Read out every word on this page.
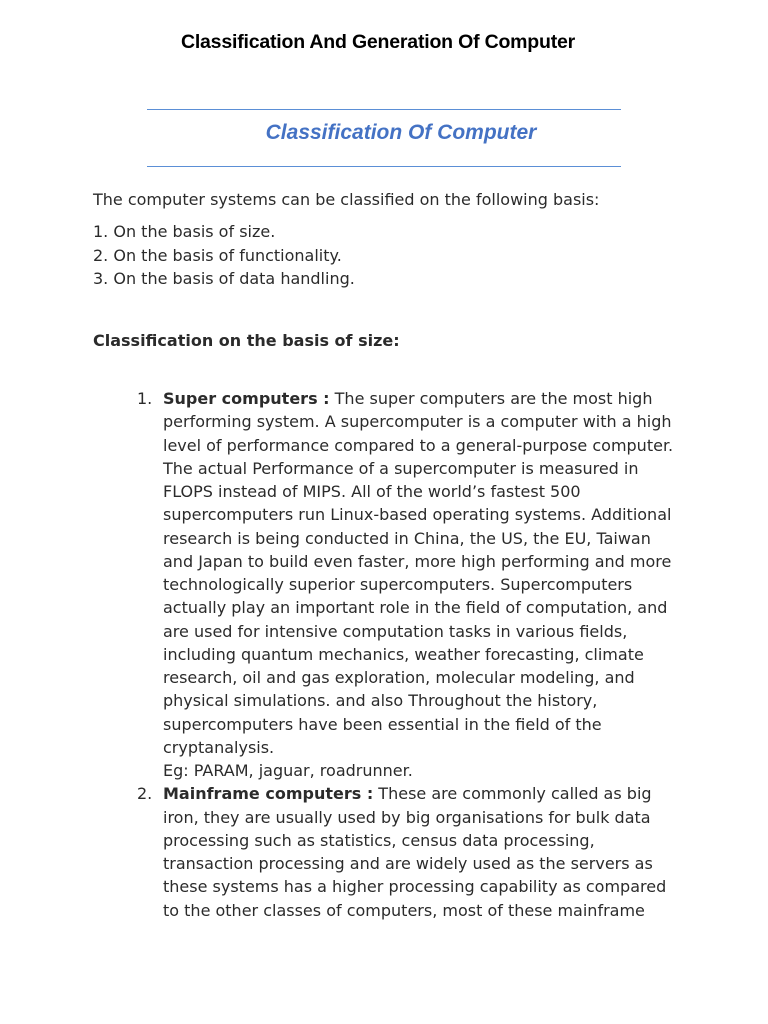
Classification And Generation Of Computer
Classification Of Computer

The computer systems can be classified on the following basis:

1. On the basis of size.
2. On the basis of functionality.
3. On the basis of data handling.

Classification on the basis of size:

1. Super computers : The super computers are the most high performing system. A supercomputer is a computer with a high level of performance compared to a general-purpose computer. The actual Performance of a supercomputer is measured in FLOPS instead of MIPS. All of the world’s fastest 500 supercomputers run Linux-based operating systems. Additional research is being conducted in China, the US, the EU, Taiwan and Japan to build even faster, more high performing and more technologically superior supercomputers. Supercomputers actually play an important role in the field of computation, and are used for intensive computation tasks in various fields, including quantum mechanics, weather forecasting, climate research, oil and gas exploration, molecular modeling, and physical simulations. and also Throughout the history, supercomputers have been essential in the field of the cryptanalysis.
Eg: PARAM, jaguar, roadrunner.
2. Mainframe computers : These are commonly called as big iron, they are usually used by big organisations for bulk data processing such as statistics, census data processing, transaction processing and are widely used as the servers as these systems has a higher processing capability as compared to the other classes of computers, most of these mainframe
